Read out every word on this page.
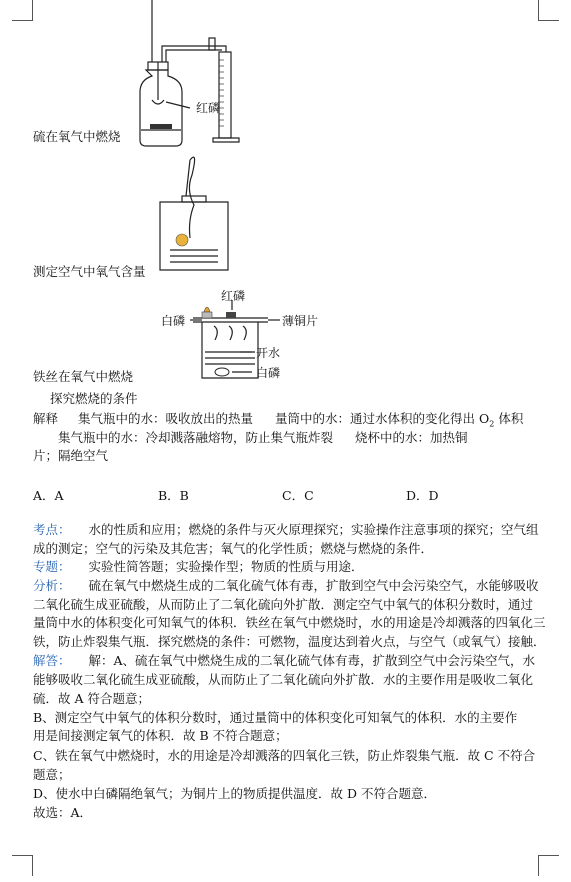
红磷
硫在氧气中燃烧
测定空气中氧气含量
红磷
白磷	薄铜片
开水
白磷
铁丝在氧气中燃烧
探究燃烧的条件
解释 集气瓶中的水：吸收放出的热量 量筒中的水：通过水体积的变化得出 $O_2$ 体积
集气瓶中的水：冷却溅落融熔物，防止集气瓶炸裂 烧杯中的水：加热铜
片；隔绝空气
A．A	B．B	C．C	D．D
考点： 水的性质和应用；燃烧的条件与灭火原理探究；实验操作注意事项的探究；空气组
成的测定；空气的污染及其危害；氧气的化学性质；燃烧与燃烧的条件．
专题： 实验性简答题；实验操作型；物质的性质与用途．
分析： 硫在氧气中燃烧生成的二氧化硫气体有毒，扩散到空气中会污染空气，水能够吸收
二氧化硫生成亚硫酸，从而防止了二氧化硫向外扩散．测定空气中氧气的体积分数时，通过
量筒中水的体积变化可知氧气的体积．铁丝在氧气中燃烧时，水的用途是冷却溅落的四氧化三
铁，防止炸裂集气瓶．探究燃烧的条件：可燃物，温度达到着火点，与空气（或氧气）接触．
解答： 解：A、硫在氧气中燃烧生成的二氧化硫气体有毒，扩散到空气中会污染空气，水
能够吸收二氧化硫生成亚硫酸，从而防止了二氧化硫向外扩散．水的主要作用是吸收二氧化
硫．故 A 符合题意；
B、测定空气中氧气的体积分数时，通过量筒中的体积变化可知氧气的体积．水的主要作
用是间接测定氧气的体积．故 B 不符合题意；
C、铁在氧气中燃烧时，水的用途是冷却溅落的四氧化三铁，防止炸裂集气瓶．故 C 不符合
题意；
D、使水中白磷隔绝氧气；为铜片上的物质提供温度．故 D 不符合题意．
故选：A．
